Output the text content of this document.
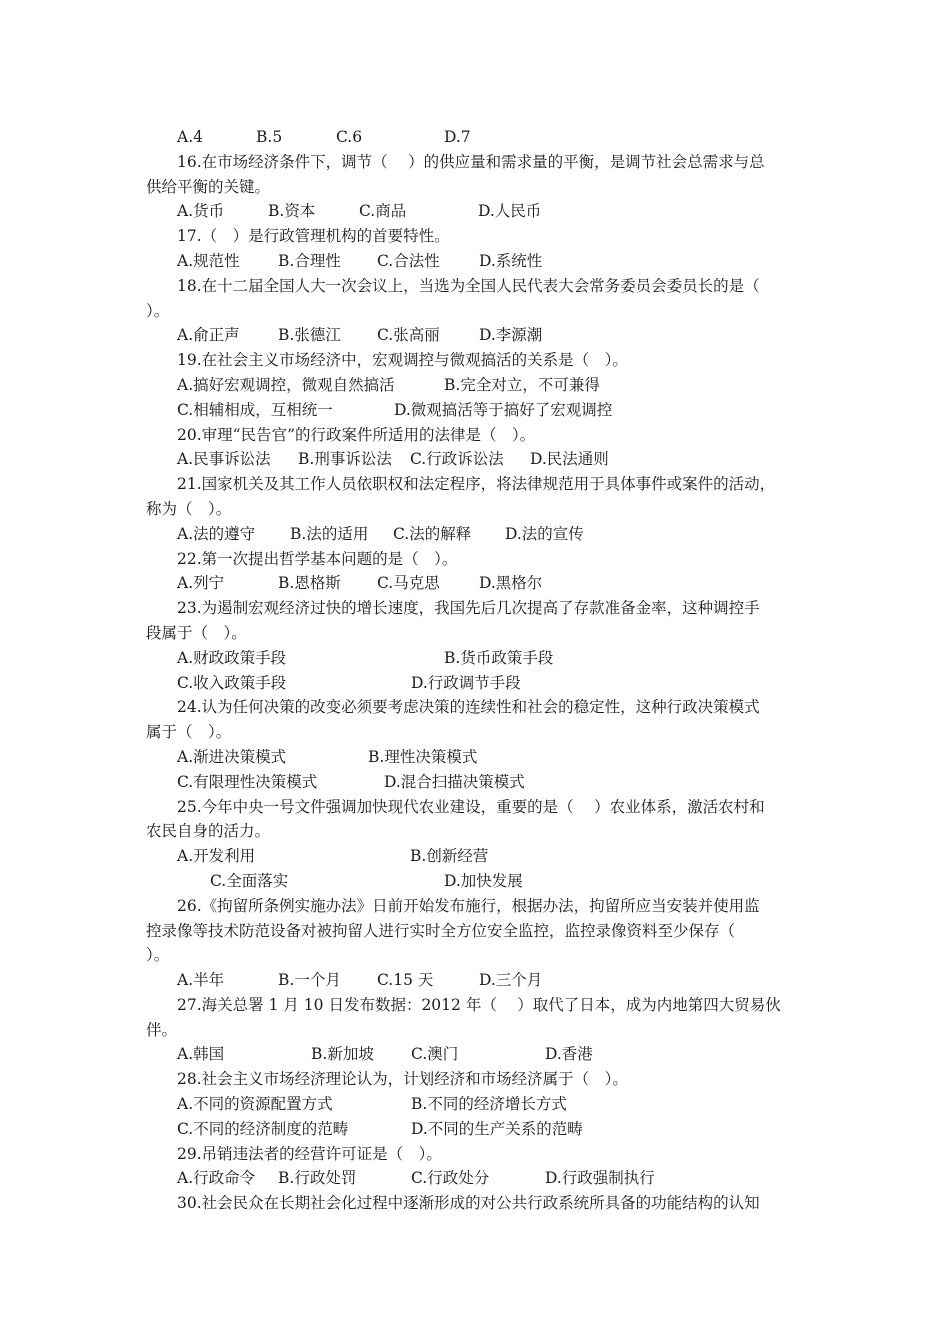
A.4	B.5	C.6	D.7
16.在市场经济条件下，调节（　 ）的供应量和需求量的平衡，是调节社会总需求与总
供给平衡的关键。
A.货币	B.资本	C.商品	D.人民币
17.（　）是行政管理机构的首要特性。
A.规范性 B.合理性 C.合法性	D.系统性
18.在十二届全国人大一次会议上，当选为全国人民代表大会常务委员会委员长的是（
）。
A.俞正声 B.张德江 C.张高丽	D.李源潮
19.在社会主义市场经济中，宏观调控与微观搞活的关系是（　）。
A.搞好宏观调控，微观自然搞活	B.完全对立，不可兼得
C.相辅相成，互相统一	D.微观搞活等于搞好了宏观调控
20.审理“民告官”的行政案件所适用的法律是（　）。
A.民事诉讼法 B.刑事诉讼法 C.行政诉讼法 D.民法通则
21.国家机关及其工作人员依职权和法定程序，将法律规范用于具体事件或案件的活动，
称为（　）。
A.法的遵守 B.法的适用 C.法的解释 D.法的宣传
22.第一次提出哲学基本问题的是（　）。
A.列宁	B.恩格斯 C.马克思	D.黑格尔
23.为遏制宏观经济过快的增长速度，我国先后几次提高了存款准备金率，这种调控手
段属于（　）。
A.财政政策手段	B.货币政策手段
C.收入政策手段	D.行政调节手段
24.认为任何决策的改变必须要考虑决策的连续性和社会的稳定性，这种行政决策模式
属于（　）。
A.渐进决策模式	B.理性决策模式
C.有限理性决策模式	D.混合扫描决策模式
25.今年中央一号文件强调加快现代农业建设，重要的是（　 ）农业体系，激活农村和
农民自身的活力。
A.开发利用	B.创新经营
C.全面落实	D.加快发展
26.《拘留所条例实施办法》日前开始发布施行，根据办法，拘留所应当安装并使用监
控录像等技术防范设备对被拘留人进行实时全方位安全监控，监控录像资料至少保存（
）。
A.半年	B.一个月 C.15 天	D.三个月
27.海关总署 1 月 10 日发布数据：2012 年（　 ）取代了日本，成为内地第四大贸易伙
伴。
A.韩国	B.新加坡 C.澳门	D.香港
28.社会主义市场经济理论认为，计划经济和市场经济属于（　）。
A.不同的资源配置方式	B.不同的经济增长方式
C.不同的经济制度的范畴	D.不同的生产关系的范畴
29.吊销违法者的经营许可证是（　）。
A.行政命令 B.行政处罚	C.行政处分	D.行政强制执行
30.社会民众在长期社会化过程中逐渐形成的对公共行政系统所具备的功能结构的认知
